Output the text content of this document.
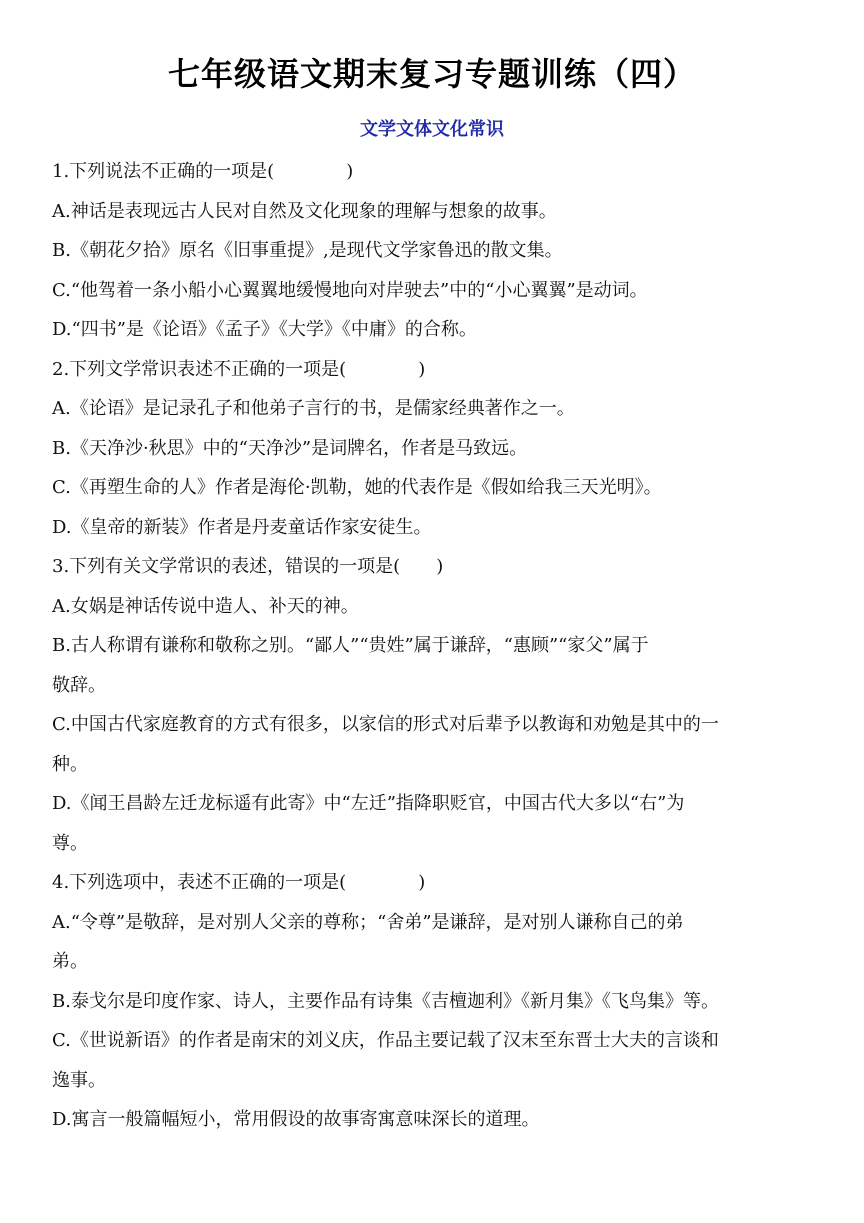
七年级语文期末复习专题训练（四）
文学文体文化常识
1.下列说法不正确的一项是(　　　　)
A.神话是表现远古人民对自然及文化现象的理解与想象的故事。
B.《朝花夕拾》原名《旧事重提》,是现代文学家鲁迅的散文集。
C.“他驾着一条小船小心翼翼地缓慢地向对岸驶去”中的“小心翼翼”是动词。
D.“四书”是《论语》《孟子》《大学》《中庸》的合称。
2.下列文学常识表述不正确的一项是(　　　　)
A.《论语》是记录孔子和他弟子言行的书，是儒家经典著作之一。
B.《天净沙·秋思》中的“天净沙”是词牌名，作者是马致远。
C.《再塑生命的人》作者是海伦·凯勒，她的代表作是《假如给我三天光明》。
D.《皇帝的新装》作者是丹麦童话作家安徒生。
3.下列有关文学常识的表述，错误的一项是(　　)
A.女娲是神话传说中造人、补天的神。
B.古人称谓有谦称和敬称之别。“鄙人”“贵姓”属于谦辞，“惠顾”“家父”属于
敬辞。
C.中国古代家庭教育的方式有很多，以家信的形式对后辈予以教诲和劝勉是其中的一
种。
D.《闻王昌龄左迁龙标遥有此寄》中“左迁”指降职贬官，中国古代大多以“右”为
尊。
4.下列选项中，表述不正确的一项是(　　　　)
A.“令尊”是敬辞，是对别人父亲的尊称；“舍弟”是谦辞，是对别人谦称自己的弟
弟。
B.泰戈尔是印度作家、诗人，主要作品有诗集《吉檀迦利》《新月集》《飞鸟集》等。
C.《世说新语》的作者是南宋的刘义庆，作品主要记载了汉末至东晋士大夫的言谈和
逸事。
D.寓言一般篇幅短小，常用假设的故事寄寓意味深长的道理。
